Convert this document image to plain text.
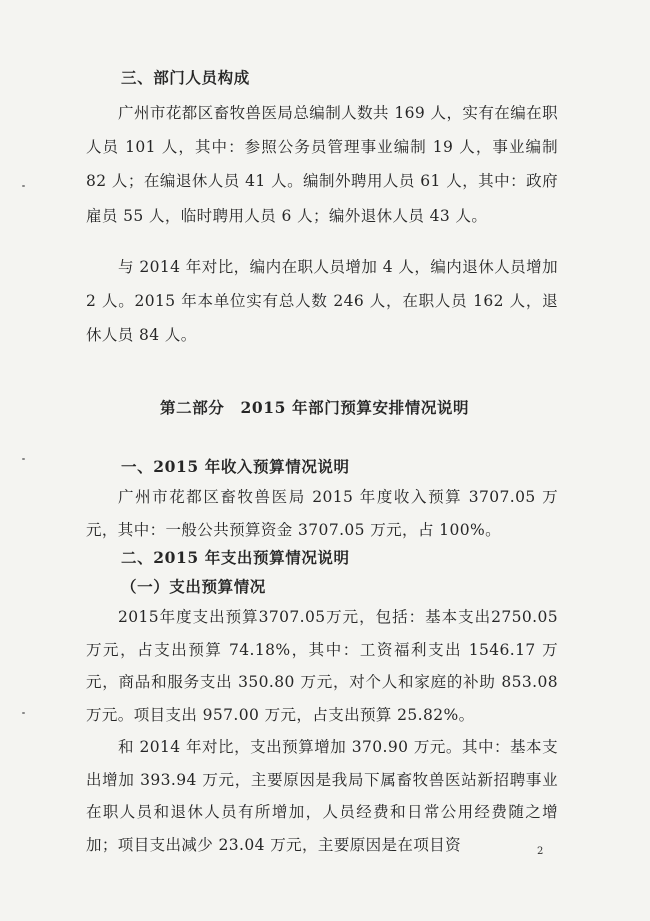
三、部门人员构成

广州市花都区畜牧兽医局总编制人数共 169 人，实有在编在职人员 101 人，其中：参照公务员管理事业编制 19 人，事业编制 82 人；在编退休人员 41 人。编制外聘用人员 61 人，其中：政府雇员 55 人，临时聘用人员 6 人；编外退休人员 43 人。

与 2014 年对比，编内在职人员增加 4 人，编内退休人员增加 2 人。2015 年本单位实有总人数 246 人，在职人员 162 人，退休人员 84 人。

第二部分　2015 年部门预算安排情况说明
一、2015 年收入预算情况说明

广州市花都区畜牧兽医局 2015 年度收入预算 3707.05 万元，其中：一般公共预算资金 3707.05 万元，占 100%。

二、2015 年支出预算情况说明
（一）支出预算情况

2015年度支出预算3707.05万元，包括：基本支出2750.05万元，占支出预算 74.18%，其中：工资福利支出 1546.17 万元，商品和服务支出 350.80 万元，对个人和家庭的补助 853.08 万元。项目支出 957.00 万元，占支出预算 25.82%。

和 2014 年对比，支出预算增加 370.90 万元。其中：基本支出增加 393.94 万元，主要原因是我局下属畜牧兽医站新招聘事业在职人员和退休人员有所增加，人员经费和日常公用经费随之增加；项目支出减少 23.04 万元，主要原因是在项目资	2
